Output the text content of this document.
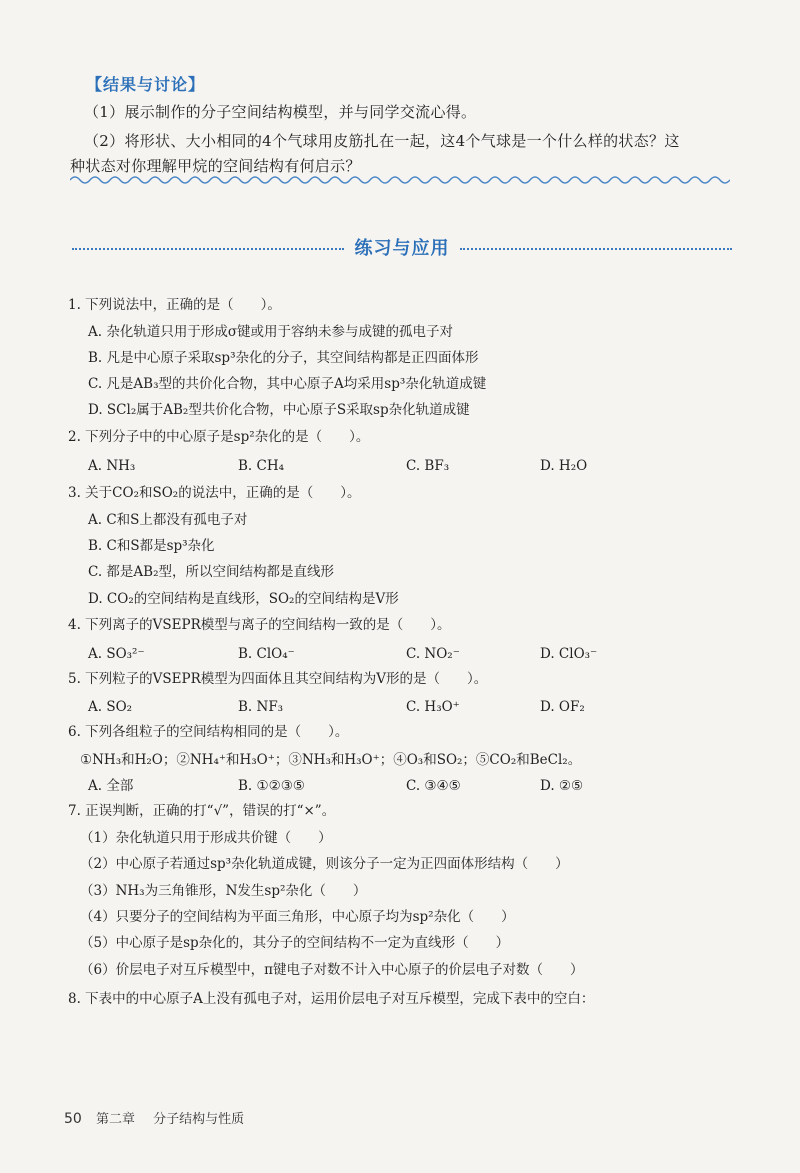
【结果与讨论】
（1）展示制作的分子空间结构模型，并与同学交流心得。
（2）将形状、大小相同的4个气球用皮筋扎在一起，这4个气球是一个什么样的状态？这
种状态对你理解甲烷的空间结构有何启示？
练习与应用
1. 下列说法中，正确的是（　　）。
A. 杂化轨道只用于形成σ键或用于容纳未参与成键的孤电子对
B. 凡是中心原子采取sp³杂化的分子，其空间结构都是正四面体形
C. 凡是AB₃型的共价化合物，其中心原子A均采用sp³杂化轨道成键
D. SCl₂属于AB₂型共价化合物，中心原子S采取sp杂化轨道成键
2. 下列分子中的中心原子是sp²杂化的是（　　）。
A. NH₃	B. CH₄	C. BF₃	D. H₂O
3. 关于CO₂和SO₂的说法中，正确的是（　　）。
A. C和S上都没有孤电子对
B. C和S都是sp³杂化
C. 都是AB₂型，所以空间结构都是直线形
D. CO₂的空间结构是直线形，SO₂的空间结构是V形
4. 下列离子的VSEPR模型与离子的空间结构一致的是（　　）。
A. SO₃²⁻	B. ClO₄⁻	C. NO₂⁻	D. ClO₃⁻
5. 下列粒子的VSEPR模型为四面体且其空间结构为V形的是（　　）。
A. SO₂	B. NF₃	C. H₃O⁺	D. OF₂
6. 下列各组粒子的空间结构相同的是（　　）。
①NH₃和H₂O；②NH₄⁺和H₃O⁺；③NH₃和H₃O⁺；④O₃和SO₂；⑤CO₂和BeCl₂。
A. 全部	B. ①②③⑤	C. ③④⑤	D. ②⑤
7. 正误判断，正确的打“√”，错误的打“×”。
（1）杂化轨道只用于形成共价键（　　）
（2）中心原子若通过sp³杂化轨道成键，则该分子一定为正四面体形结构（　　）
（3）NH₃为三角锥形，N发生sp²杂化（　　）
（4）只要分子的空间结构为平面三角形，中心原子均为sp²杂化（　　）
（5）中心原子是sp杂化的，其分子的空间结构不一定为直线形（　　）
（6）价层电子对互斥模型中，π键电子对数不计入中心原子的价层电子对数（　　）
8. 下表中的中心原子A上没有孤电子对，运用价层电子对互斥模型，完成下表中的空白：
50 第二章 分子结构与性质
